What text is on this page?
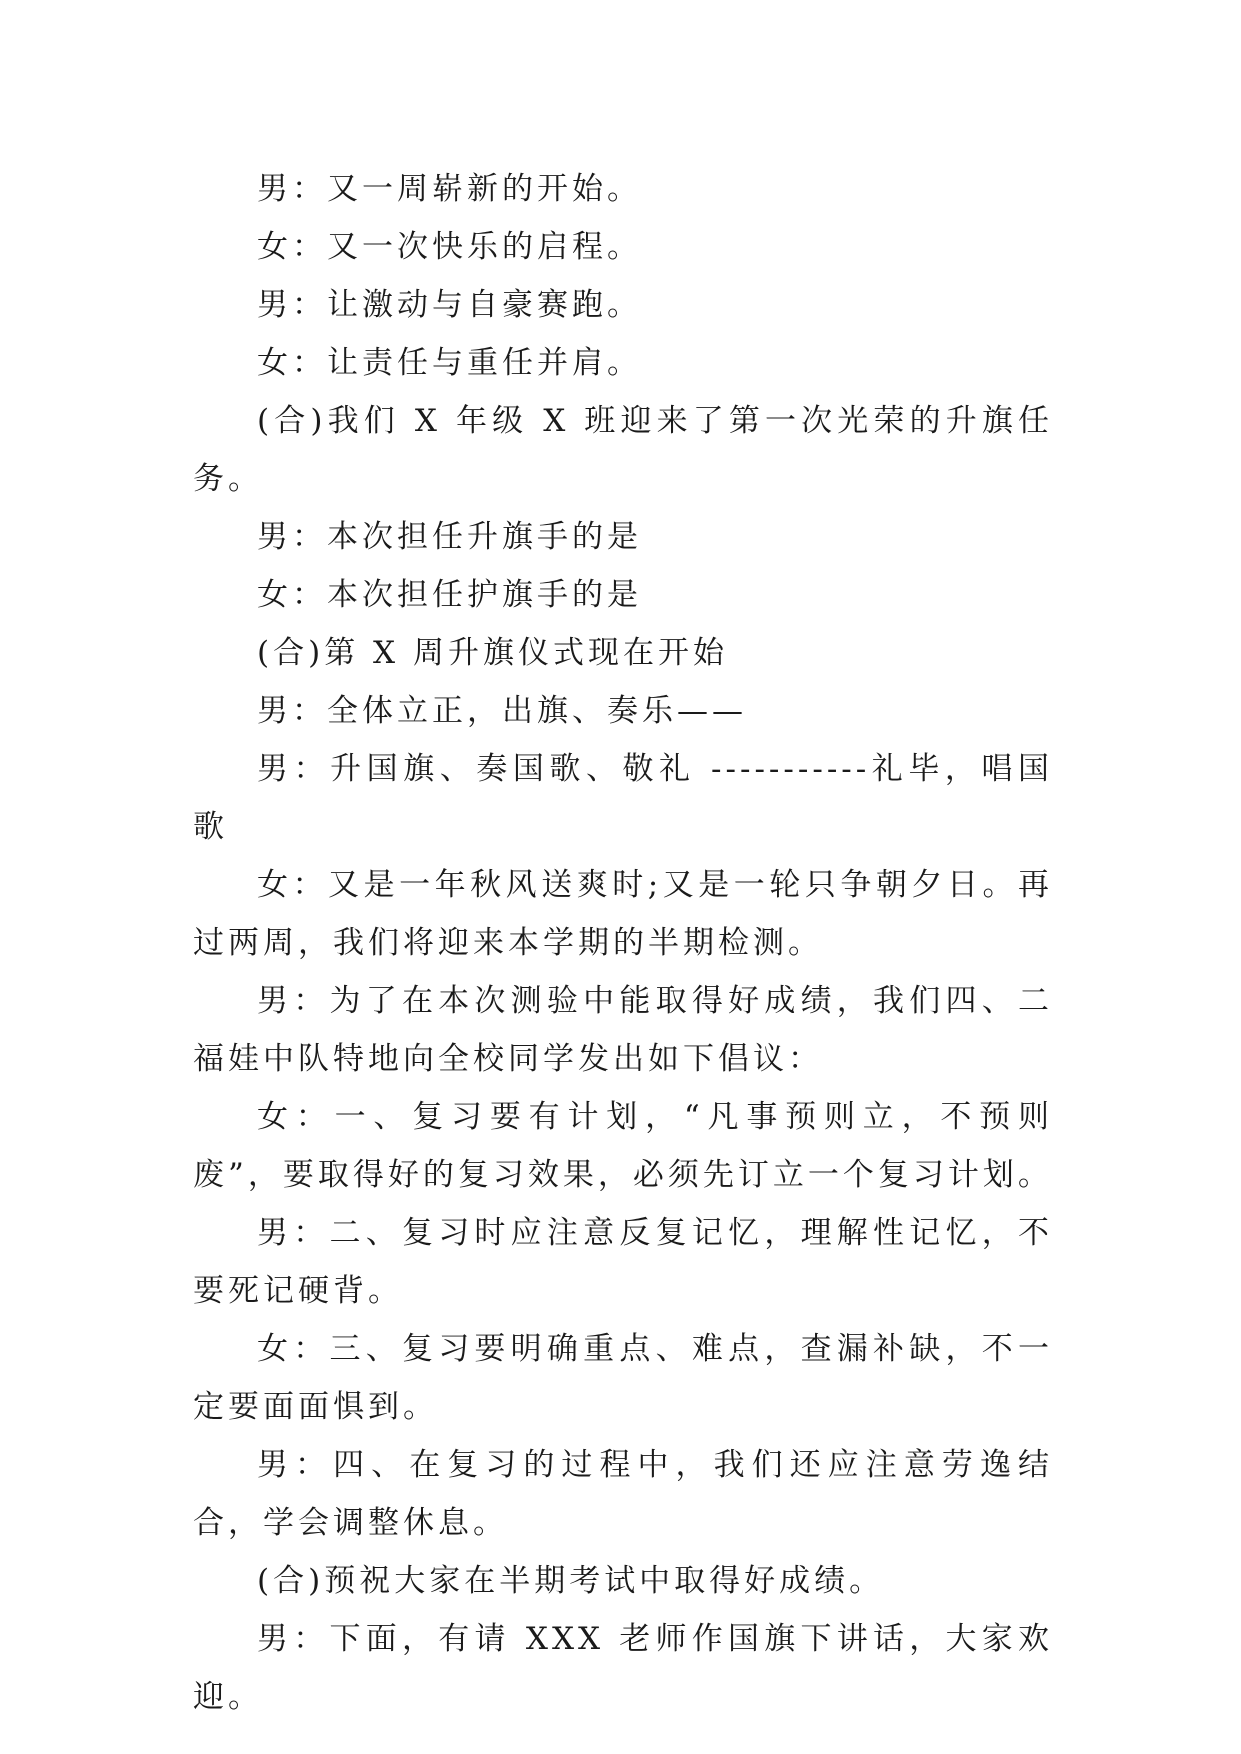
男：又一周崭新的开始。

女：又一次快乐的启程。

男：让激动与自豪赛跑。

女：让责任与重任并肩。

(合)我们 X 年级 X 班迎来了第一次光荣的升旗任务。

男：本次担任升旗手的是

女：本次担任护旗手的是

(合)第 X 周升旗仪式现在开始

男：全体立正，出旗、奏乐——

男：升国旗、奏国歌、敬礼 -----------礼毕，唱国歌

女：又是一年秋风送爽时;又是一轮只争朝夕日。再过两周，我们将迎来本学期的半期检测。

男：为了在本次测验中能取得好成绩，我们四、二福娃中队特地向全校同学发出如下倡议：

女：一、复习要有计划，“凡事预则立，不预则废”，要取得好的复习效果，必须先订立一个复习计划。

男：二、复习时应注意反复记忆，理解性记忆，不要死记硬背。

女：三、复习要明确重点、难点，查漏补缺，不一定要面面惧到。

男：四、在复习的过程中，我们还应注意劳逸结合，学会调整休息。

(合)预祝大家在半期考试中取得好成绩。

男：下面，有请 XXX 老师作国旗下讲话，大家欢迎。
